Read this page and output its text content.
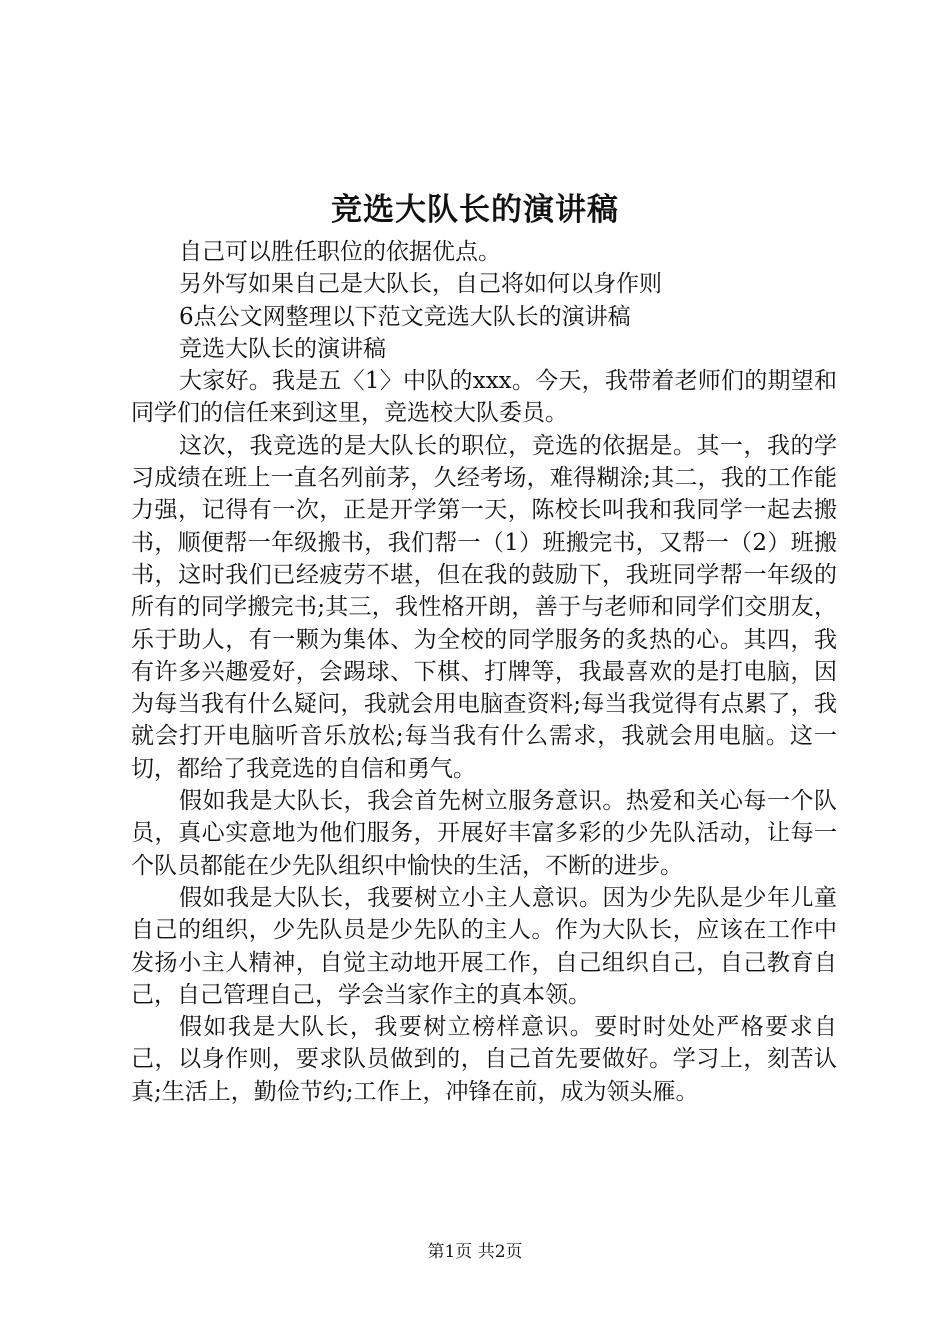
竞选大队长的演讲稿

自己可以胜任职位的依据优点。

另外写如果自己是大队长，自己将如何以身作则

6点公文网整理以下范文竞选大队长的演讲稿

竞选大队长的演讲稿

大家好。我是五〈1〉中队的xxx。今天，我带着老师们的期望和同学们的信任来到这里，竞选校大队委员。

这次，我竞选的是大队长的职位，竞选的依据是。其一，我的学习成绩在班上一直名列前茅，久经考场，难得糊涂;其二，我的工作能力强，记得有一次，正是开学第一天，陈校长叫我和我同学一起去搬书，顺便帮一年级搬书，我们帮一（1）班搬完书，又帮一（2）班搬书，这时我们已经疲劳不堪，但在我的鼓励下，我班同学帮一年级的所有的同学搬完书;其三，我性格开朗，善于与老师和同学们交朋友，乐于助人，有一颗为集体、为全校的同学服务的炙热的心。其四，我有许多兴趣爱好，会踢球、下棋、打牌等，我最喜欢的是打电脑，因为每当我有什么疑问，我就会用电脑查资料;每当我觉得有点累了，我就会打开电脑听音乐放松;每当我有什么需求，我就会用电脑。这一切，都给了我竞选的自信和勇气。

假如我是大队长，我会首先树立服务意识。热爱和关心每一个队员，真心实意地为他们服务，开展好丰富多彩的少先队活动，让每一个队员都能在少先队组织中愉快的生活，不断的进步。

假如我是大队长，我要树立小主人意识。因为少先队是少年儿童自己的组织，少先队员是少先队的主人。作为大队长，应该在工作中发扬小主人精神，自觉主动地开展工作，自己组织自己，自己教育自己，自己管理自己，学会当家作主的真本领。

假如我是大队长，我要树立榜样意识。要时时处处严格要求自己，以身作则，要求队员做到的，自己首先要做好。学习上，刻苦认真;生活上，勤俭节约;工作上，冲锋在前，成为领头雁。

第1页 共2页
